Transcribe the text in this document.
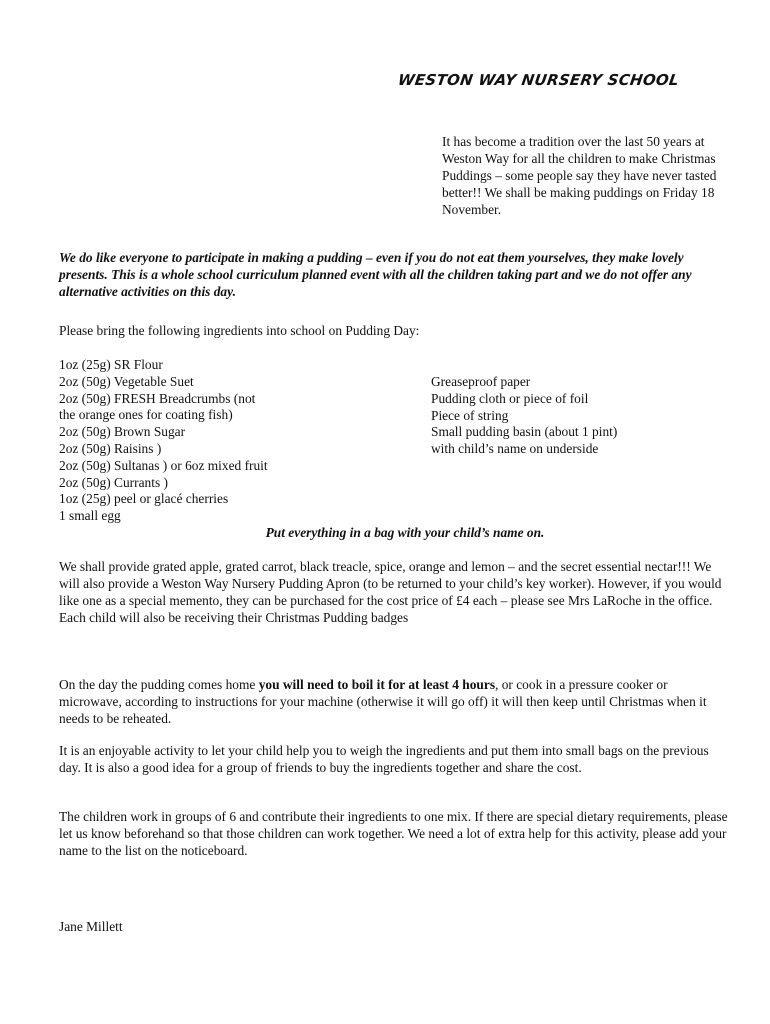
WESTON WAY NURSERY SCHOOL

It has become a tradition over the last 50 years at Weston Way for all the children to make Christmas Puddings – some people say they have never tasted better!! We shall be making puddings on Friday 18 November.

We do like everyone to participate in making a pudding – even if you do not eat them yourselves, they make lovely presents. This is a whole school curriculum planned event with all the children taking part and we do not offer any alternative activities on this day.

Please bring the following ingredients into school on Pudding Day:

1oz (25g) SR Flour
2oz (50g) Vegetable Suet
2oz (50g) FRESH Breadcrumbs (not
the orange ones for coating fish)
2oz (50g) Brown Sugar
2oz (50g) Raisins )
2oz (50g) Sultanas ) or 6oz mixed fruit
2oz (50g) Currants )
1oz (25g) peel or glacé cherries
1 small egg
Greaseproof paper
Pudding cloth or piece of foil
Piece of string
Small pudding basin (about 1 pint)
with child’s name on underside

Put everything in a bag with your child’s name on.

We shall provide grated apple, grated carrot, black treacle, spice, orange and lemon – and the secret essential nectar!!! We will also provide a Weston Way Nursery Pudding Apron (to be returned to your child’s key worker). However, if you would like one as a special memento, they can be purchased for the cost price of £4 each – please see Mrs LaRoche in the office. Each child will also be receiving their Christmas Pudding badges

On the day the pudding comes home you will need to boil it for at least 4 hours, or cook in a pressure cooker or microwave, according to instructions for your machine (otherwise it will go off) it will then keep until Christmas when it needs to be reheated.

It is an enjoyable activity to let your child help you to weigh the ingredients and put them into small bags on the previous day. It is also a good idea for a group of friends to buy the ingredients together and share the cost.

The children work in groups of 6 and contribute their ingredients to one mix. If there are special dietary requirements, please let us know beforehand so that those children can work together. We need a lot of extra help for this activity, please add your name to the list on the noticeboard.

Jane Millett
